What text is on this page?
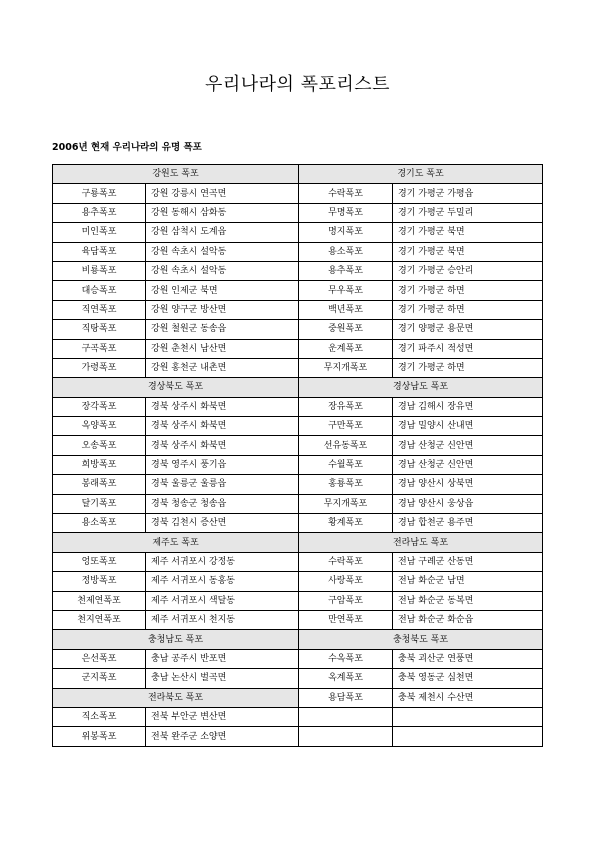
우리나라의 폭포리스트
2006년 현재 우리나라의 유명 폭포
강원도 폭포		경기도 폭포	
구룡폭포	강원 강릉시 연곡면	수락폭포	경기 가평군 가평읍
용추폭포	강원 동해시 삼화동	무명폭포	경기 가평군 두밀리
미인폭포	강원 삼척시 도계읍	명지폭포	경기 가평군 북면
육담폭포	강원 속초시 설악동	용소폭포	경기 가평군 북면
비룡폭포	강원 속초시 설악동	용추폭포	경기 가평군 승안리
대승폭포	강원 인제군 북면	무우폭포	경기 가평군 하면
직연폭포	강원 양구군 방산면	백년폭포	경기 가평군 하면
직탕폭포	강원 철원군 동송읍	중원폭포	경기 양평군 용문면
구곡폭포	강원 춘천시 남산면	운계폭포	경기 파주시 적성면
가령폭포	강원 홍천군 내촌면	무지개폭포	경기 가평군 하면
경상북도 폭포		경상남도 폭포	
장각폭포	경북 상주시 화북면	장유폭포	경남 김해시 장유면
옥양폭포	경북 상주시 화북면	구만폭포	경남 밀양시 산내면
오송폭포	경북 상주시 화북면	선유동폭포	경남 산청군 신안면
희방폭포	경북 영주시 풍기읍	수월폭포	경남 산청군 신안면
봉래폭포	경북 울릉군 울릉읍	홍룡폭포	경남 양산시 상북면
달기폭포	경북 청송군 청송읍	무지개폭포	경남 양산시 웅상읍
용소폭포	경북 김천시 증산면	황계폭포	경남 합천군 용주면
제주도 폭포		전라남도 폭포	
엉또폭포	제주 서귀포시 강정동	수락폭포	전남 구례군 산동면
정방폭포	제주 서귀포시 동홍동	사랑폭포	전남 화순군 남면
천제연폭포	제주 서귀포시 색달동	구암폭포	전남 화순군 동복면
천지연폭포	제주 서귀포시 천지동	만연폭포	전남 화순군 화순읍
충청남도 폭포		충청북도 폭포	
은선폭포	충남 공주시 반포면	수옥폭포	충북 괴산군 연풍면
군지폭포	충남 논산시 벌곡면	옥계폭포	충북 영동군 심천면
전라북도 폭포		용담폭포	충북 제천시 수산면
직소폭포	전북 부안군 변산면		
위봉폭포	전북 완주군 소양면		
